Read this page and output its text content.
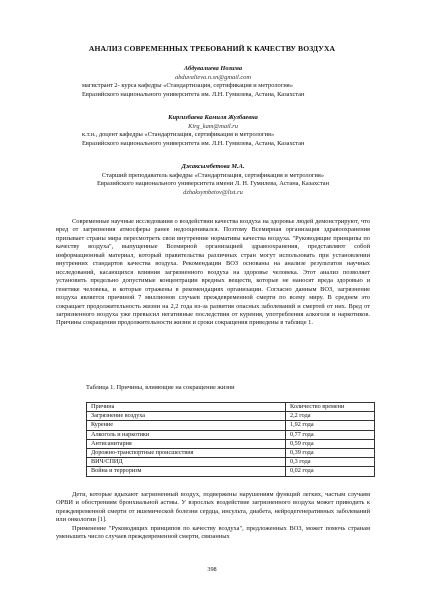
АНАЛИЗ СОВРЕМЕННЫХ ТРЕБОВАНИЙ К КАЧЕСТВУ ВОЗДУХА
Абдувалиева Нозима
abduvalieva.n.sn@gmail.com
магистрант 2- курса кафедры «Стандартизация, сертификация и метрология»
Евразийского национального университета им. Л.Н. Гумилева, Астана, Казахстан
Киргизбаева Камиля Жузбаевна
Kirg_kam@mail.ru
к.т.н., доцент кафедры «Стандартизация, сертификация и метрология»
Евразийского национального университета им. Л.Н. Гумилева, Астана, Казахстан
Джаксымбетова М.А.
Старший преподаватель кафедры «Стандартизация, сертификация и метрология»
Евразийского национального университета имени Л. Н. Гумилева, Астана, Казахстан
dzhaksymbetov@list.ru

Современные научные исследования о воздействии качества воздуха на здоровье людей демонстрируют, что вред от загрязнения атмосферы ранее недооценивался. Поэтому Всемирная организация здравоохранения призывает страны мира пересмотреть свои внутренние нормативы качества воздуха. "Руководящие принципы по качеству воздуха", выпущенные Всемирной организацией здравоохранения, представляют собой информационный материал, который правительства различных стран могут использовать при установлении внутренних стандартов качества воздуха. Рекомендации ВОЗ основаны на анализе результатов научных исследований, касающихся влияния загрязненного воздуха на здоровье человека. Этот анализ позволяет установить предельно допустимые концентрации вредных веществ, которые не наносят вреда здоровью и генетике человека, и которые отражены в рекомендациях организации. Согласно данным ВОЗ, загрязнение воздуха является причиной 7 миллионов случаев преждевременной смерти по всему миру. В среднем это сокращает продолжительность жизни на 2,2 года из-за развития опасных заболеваний и смертей от них. Вред от загрязненного воздуха уже превысил негативные последствия от курения, употребления алкоголя и наркотиков. Причины сокращения продолжительности жизни и сроки сокращения приведены в таблице 1.

Таблица 1. Причины, влияющие на сокращение жизни
Причина	Количество времени
Загрязнение воздуха	2,2 года
Курение	1,92 года
Алкоголь и наркотики	0,77 года
Антисанитария	0,59 года
Дорожно-транспортные происшествия	0,39 года
ВИЧ/СПИД	0,3 года
Война и терроризм	0,02 года

Дети, которые вдыхают загрязненный воздух, подвержены нарушениям функций легких, частым случаям ОРВИ и обострениям бронхиальной астмы. У взрослых воздействие загрязненного воздуха может приводить к преждевременной смерти от ишемической болезни сердца, инсульта, диабета, нейродегенеративных заболеваний или онкологии [1].

Применение "Руководящих принципов по качеству воздуха", предложенных ВОЗ, может помочь странам уменьшить число случаев преждевременной смерти, связанных

398
